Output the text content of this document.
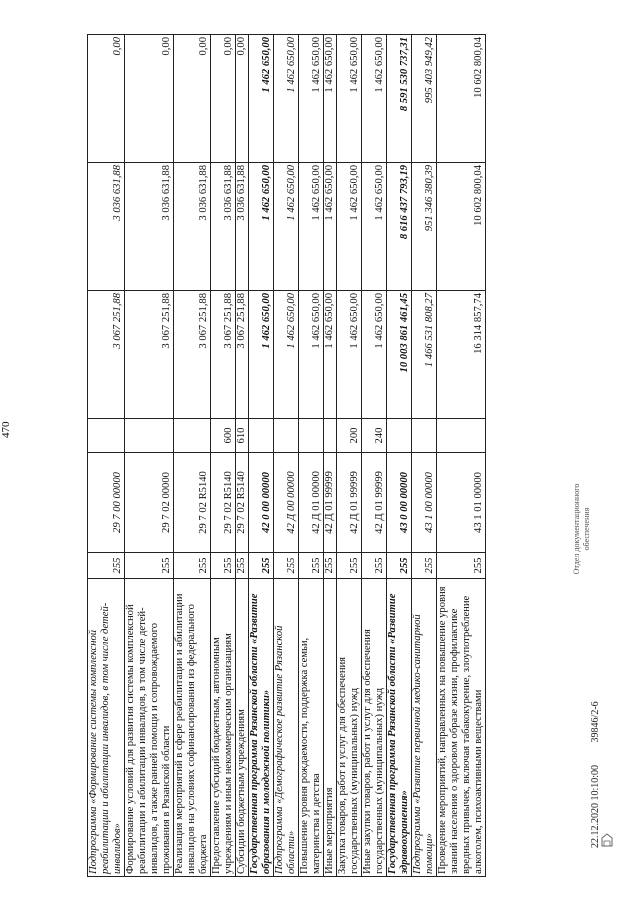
470
Подпрограмма «Формирование системы комплексной реабилитации и абилитации инвалидов, в том числе детей-инвалидов»	255	29 7 00 00000		3 067 251,88	3 036 631,88	0,00
Формирование условий для развития системы комплексной реабилитации и абилитации инвалидов, в том числе детей-инвалидов, а также ранней помощи и сопровождаемого проживания в Рязанской области	255	29 7 02 00000		3 067 251,88	3 036 631,88	0,00
Реализация мероприятий в сфере реабилитации и абилитации инвалидов на условиях софинансирования из федерального бюджета	255	29 7 02 R5140		3 067 251,88	3 036 631,88	0,00
Предоставление субсидий бюджетным, автономным учреждениям и иным некоммерческим организациям	255	29 7 02 R5140	600	3 067 251,88	3 036 631,88	0,00
Субсидии бюджетным учреждениям	255	29 7 02 R5140	610	3 067 251,88	3 036 631,88	0,00
Государственная программа Рязанской области «Развитие образования и молодежной политики»	255	42 0 00 00000		1 462 650,00	1 462 650,00	1 462 650,00
Подпрограмма «Демографическое развитие Рязанской области»	255	42 Д 00 00000		1 462 650,00	1 462 650,00	1 462 650,00
Повышение уровня рождаемости, поддержка семьи, материнства и детства	255	42 Д 01 00000		1 462 650,00	1 462 650,00	1 462 650,00
Иные мероприятия	255	42 Д 01 99999		1 462 650,00	1 462 650,00	1 462 650,00
Закупка товаров, работ и услуг для обеспечения государственных (муниципальных) нужд	255	42 Д 01 99999	200	1 462 650,00	1 462 650,00	1 462 650,00
Иные закупки товаров, работ и услуг для обеспечения государственных (муниципальных) нужд	255	42 Д 01 99999	240	1 462 650,00	1 462 650,00	1 462 650,00
Государственная программа Рязанской области «Развитие здравоохранения»	255	43 0 00 00000		10 003 861 461,45	8 616 437 793,19	8 591 530 737,31
Подпрограмма «Развитие первичной медико-санитарной помощи»	255	43 1 00 00000		1 466 531 808,27	951 346 380,39	995 403 949,42
Проведение мероприятий, направленных на повышение уровня знаний населения о здоровом образе жизни, профилактике вредных привычек, включая табакокурение, злоупотребление алкоголем, психоактивными веществами	255	43 1 01 00000		16 314 857,74	10 602 800,04	10 602 800,04
Отдел документационного обеспечения
22.12.2020 10:10:00 39846/2-6
